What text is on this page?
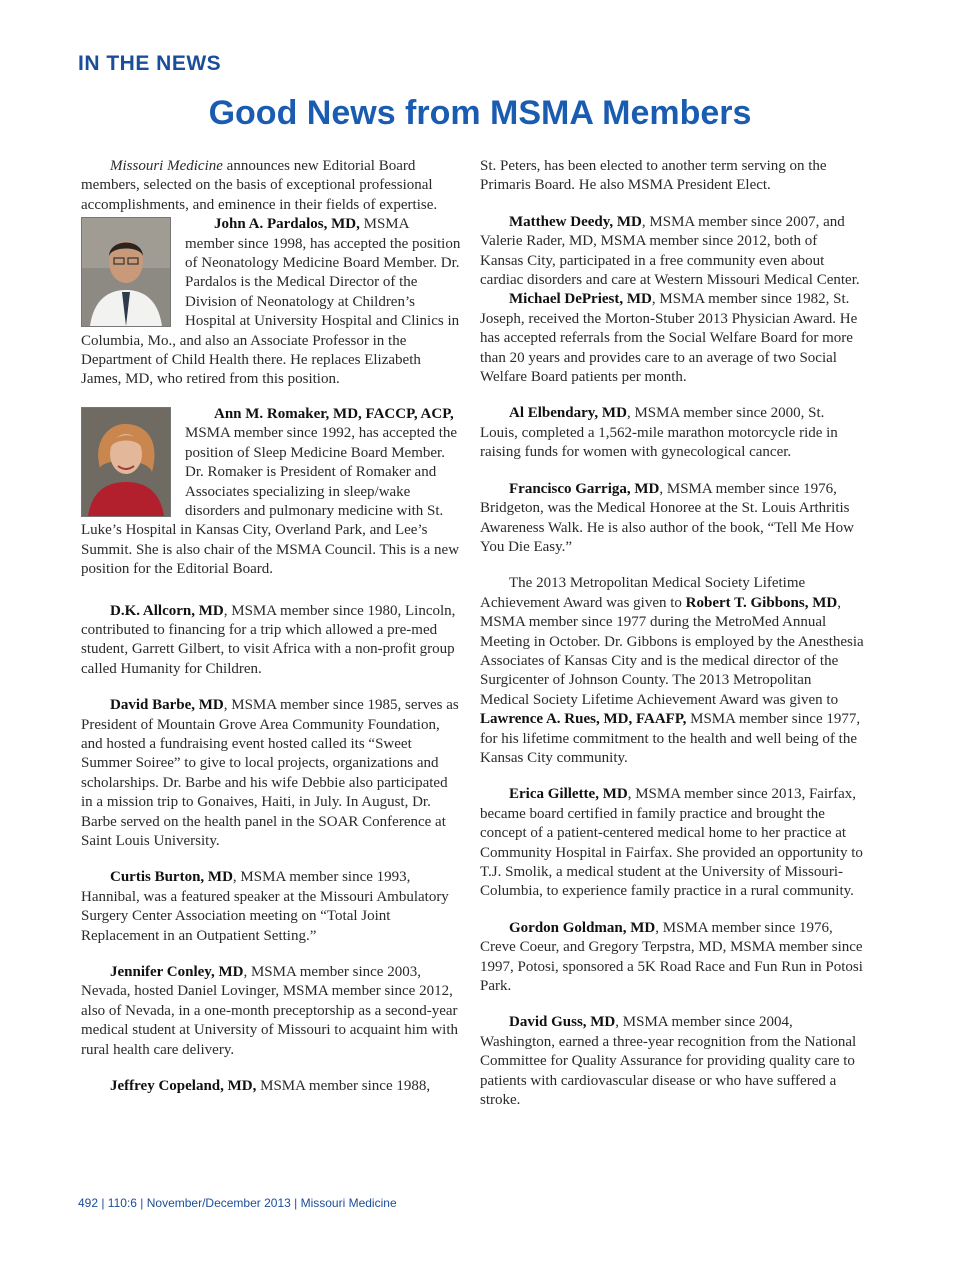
IN THE NEWS
Good News from MSMA Members

Missouri Medicine announces new Editorial Board members, selected on the basis of exceptional professional accomplishments, and eminence in their fields of expertise.

John A. Pardalos, MD, MSMA member since 1998, has accepted the position of Neonatology Medicine Board Member. Dr. Pardalos is the Medical Director of the Division of Neonatology at Children’s Hospital at University Hospital and Clinics in Columbia, Mo., and also an Associate Professor in the Department of Child Health there. He replaces Elizabeth James, MD, who retired from this position.

Ann M. Romaker, MD, FACCP, ACP,
MSMA member since 1992, has accepted the position of Sleep Medicine Board Member. Dr. Romaker is President of Romaker and Associates specializing in sleep/wake disorders and pulmonary medicine with St. Luke’s Hospital in Kansas City, Overland Park, and Lee’s Summit. She is also chair of the MSMA Council. This is a new position for the Editorial Board.

D.K. Allcorn, MD, MSMA member since 1980, Lincoln, contributed to financing for a trip which allowed a pre-med student, Garrett Gilbert, to visit Africa with a non-profit group called Humanity for Children.

David Barbe, MD, MSMA member since 1985, serves as President of Mountain Grove Area Community Foundation, and hosted a fundraising event hosted called its “Sweet Summer Soiree” to give to local projects, organizations and scholarships. Dr. Barbe and his wife Debbie also participated in a mission trip to Gonaives, Haiti, in July. In August, Dr. Barbe served on the health panel in the SOAR Conference at Saint Louis University.

Curtis Burton, MD, MSMA member since 1993, Hannibal, was a featured speaker at the Missouri Ambulatory Surgery Center Association meeting on “Total Joint Replacement in an Outpatient Setting.”

Jennifer Conley, MD, MSMA member since 2003, Nevada, hosted Daniel Lovinger, MSMA member since 2012, also of Nevada, in a one-month preceptorship as a second-year medical student at University of Missouri to acquaint him with rural health care delivery.

Jeffrey Copeland, MD, MSMA member since 1988,

St. Peters, has been elected to another term serving on the Primaris Board. He also MSMA President Elect.

Matthew Deedy, MD, MSMA member since 2007, and Valerie Rader, MD, MSMA member since 2012, both of Kansas City, participated in a free community even about cardiac disorders and care at Western Missouri Medical Center.

Michael DePriest, MD, MSMA member since 1982, St. Joseph, received the Morton-Stuber 2013 Physician Award. He has accepted referrals from the Social Welfare Board for more than 20 years and provides care to an average of two Social Welfare Board patients per month.

Al Elbendary, MD, MSMA member since 2000, St. Louis, completed a 1,562-mile marathon motorcycle ride in raising funds for women with gynecological cancer.

Francisco Garriga, MD, MSMA member since 1976, Bridgeton, was the Medical Honoree at the St. Louis Arthritis Awareness Walk. He is also author of the book, “Tell Me How You Die Easy.”

The 2013 Metropolitan Medical Society Lifetime Achievement Award was given to Robert T. Gibbons, MD, MSMA member since 1977 during the MetroMed Annual Meeting in October. Dr. Gibbons is employed by the Anesthesia Associates of Kansas City and is the medical director of the Surgicenter of Johnson County. The 2013 Metropolitan Medical Society Lifetime Achievement Award was given to Lawrence A. Rues, MD, FAAFP, MSMA member since 1977, for his lifetime commitment to the health and well being of the Kansas City community.

Erica Gillette, MD, MSMA member since 2013, Fairfax, became board certified in family practice and brought the concept of a patient-centered medical home to her practice at Community Hospital in Fairfax. She provided an opportunity to T.J. Smolik, a medical student at the University of Missouri-Columbia, to experience family practice in a rural community.

Gordon Goldman, MD, MSMA member since 1976, Creve Coeur, and Gregory Terpstra, MD, MSMA member since 1997, Potosi, sponsored a 5K Road Race and Fun Run in Potosi Park.

David Guss, MD, MSMA member since 2004, Washington, earned a three-year recognition from the National Committee for Quality Assurance for providing quality care to patients with cardiovascular disease or who have suffered a stroke.

492 | 110:6 | November/December 2013 | Missouri Medicine
